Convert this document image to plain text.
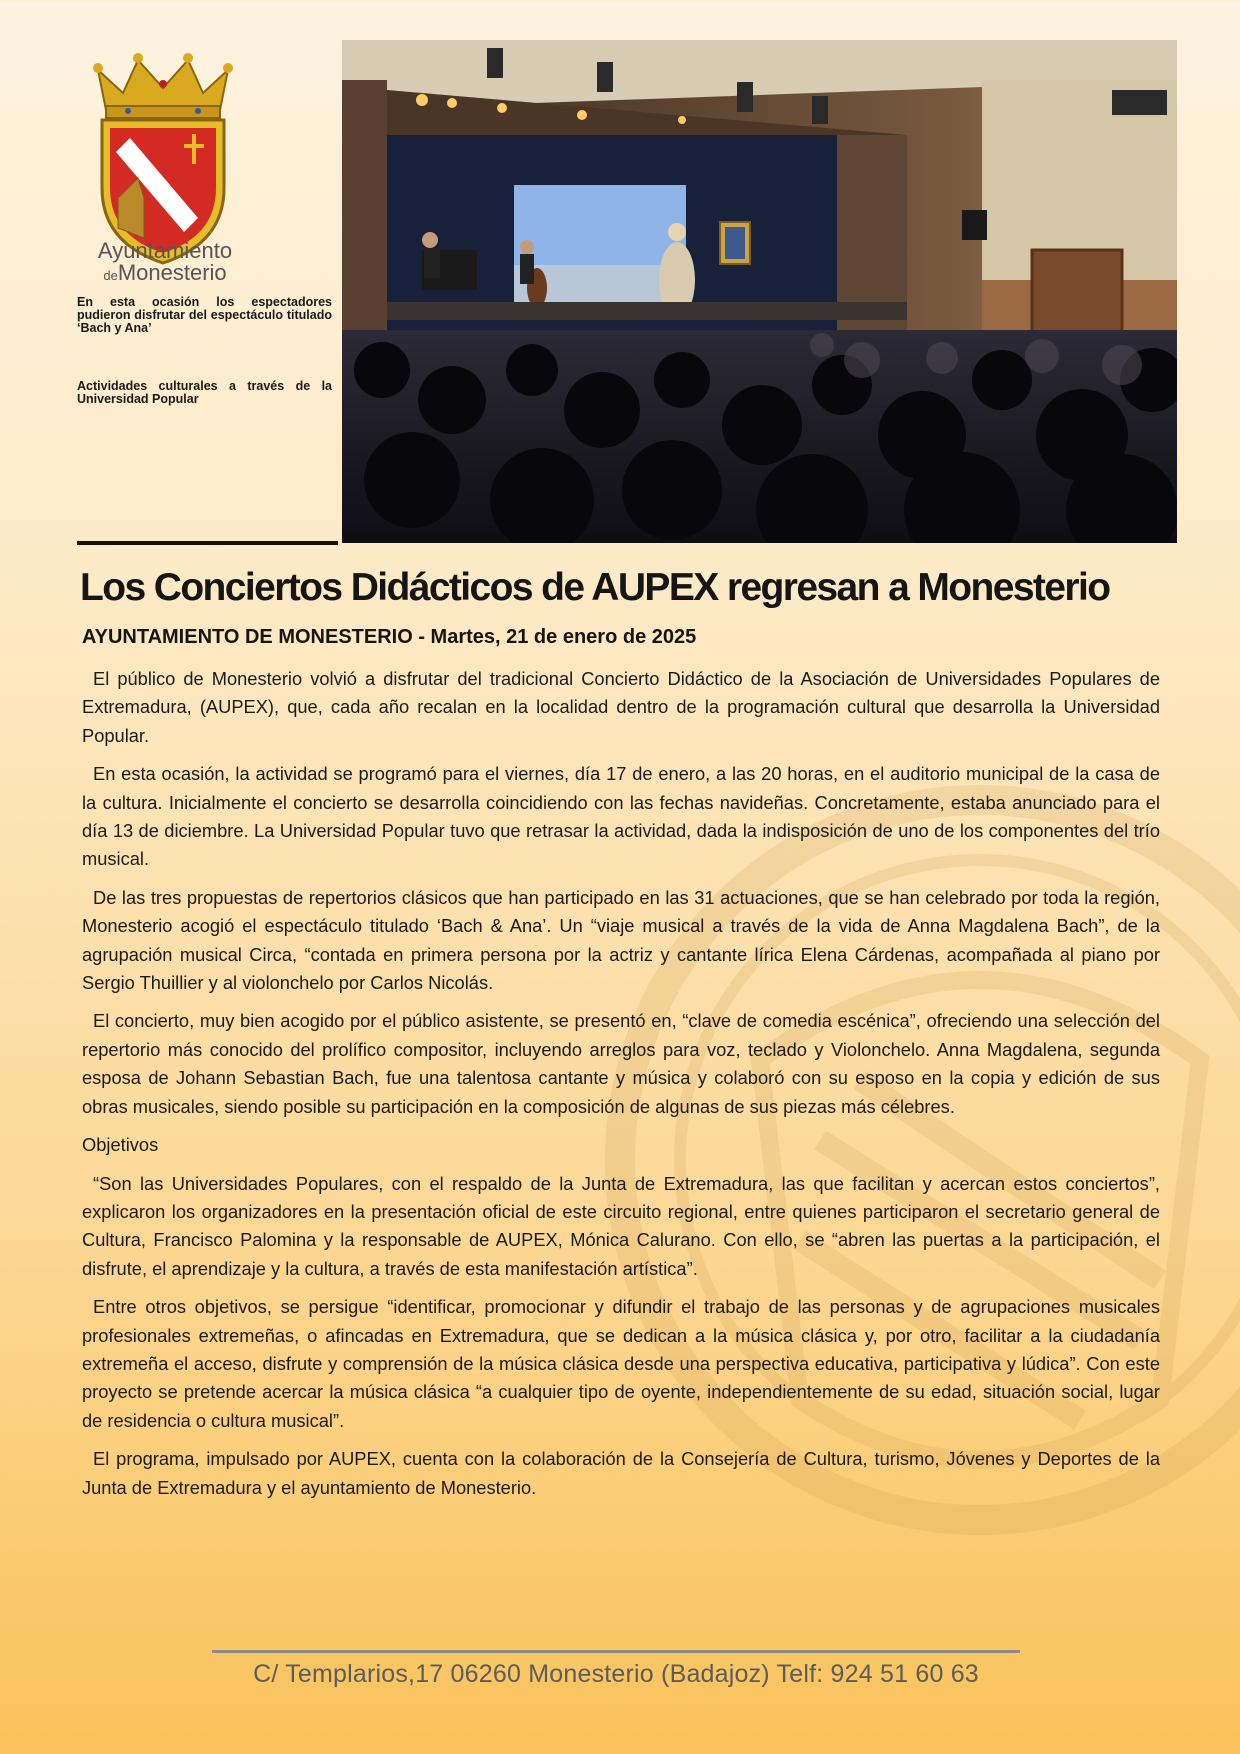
Ayuntamiento
deMonesterio
En esta ocasión los espectadores pudieron disfrutar del espectáculo titulado ‘Bach y Ana’
Actividades culturales a través de la Universidad Popular
Los Conciertos Didácticos de AUPEX regresan a Monesterio
AYUNTAMIENTO DE MONESTERIO - Martes, 21 de enero de 2025

El público de Monesterio volvió a disfrutar del tradicional Concierto Didáctico de la Asociación de Universidades Populares de Extremadura, (AUPEX), que, cada año recalan en la localidad dentro de la programación cultural que desarrolla la Universidad Popular.

En esta ocasión, la actividad se programó para el viernes, día 17 de enero, a las 20 horas, en el auditorio municipal de la casa de la cultura. Inicialmente el concierto se desarrolla coincidiendo con las fechas navideñas. Concretamente, estaba anunciado para el día 13 de diciembre. La Universidad Popular tuvo que retrasar la actividad, dada la indisposición de uno de los componentes del trío musical.

De las tres propuestas de repertorios clásicos que han participado en las 31 actuaciones, que se han celebrado por toda la región, Monesterio acogió el espectáculo titulado ‘Bach & Ana’. Un “viaje musical a través de la vida de Anna Magdalena Bach”, de la agrupación musical Circa, “contada en primera persona por la actriz y cantante lírica Elena Cárdenas, acompañada al piano por Sergio Thuillier y al violonchelo por Carlos Nicolás.

El concierto, muy bien acogido por el público asistente, se presentó en, “clave de comedia escénica”, ofreciendo una selección del repertorio más conocido del prolífico compositor, incluyendo arreglos para voz, teclado y Violonchelo. Anna Magdalena, segunda esposa de Johann Sebastian Bach, fue una talentosa cantante y música y colaboró con su esposo en la copia y edición de sus obras musicales, siendo posible su participación en la composición de algunas de sus piezas más célebres.

Objetivos

“Son las Universidades Populares, con el respaldo de la Junta de Extremadura, las que facilitan y acercan estos conciertos”, explicaron los organizadores en la presentación oficial de este circuito regional, entre quienes participaron el secretario general de Cultura, Francisco Palomina y la responsable de AUPEX, Mónica Calurano. Con ello, se “abren las puertas a la participación, el disfrute, el aprendizaje y la cultura, a través de esta manifestación artística”.

Entre otros objetivos, se persigue “identificar, promocionar y difundir el trabajo de las personas y de agrupaciones musicales profesionales extremeñas, o afincadas en Extremadura, que se dedican a la música clásica y, por otro, facilitar a la ciudadanía extremeña el acceso, disfrute y comprensión de la música clásica desde una perspectiva educativa, participativa y lúdica”. Con este proyecto se pretende acercar la música clásica “a cualquier tipo de oyente, independientemente de su edad, situación social, lugar de residencia o cultura musical”.

El programa, impulsado por AUPEX, cuenta con la colaboración de la Consejería de Cultura, turismo, Jóvenes y Deportes de la Junta de Extremadura y el ayuntamiento de Monesterio.

C/ Templarios,17 06260 Monesterio (Badajoz) Telf: 924 51 60 63
